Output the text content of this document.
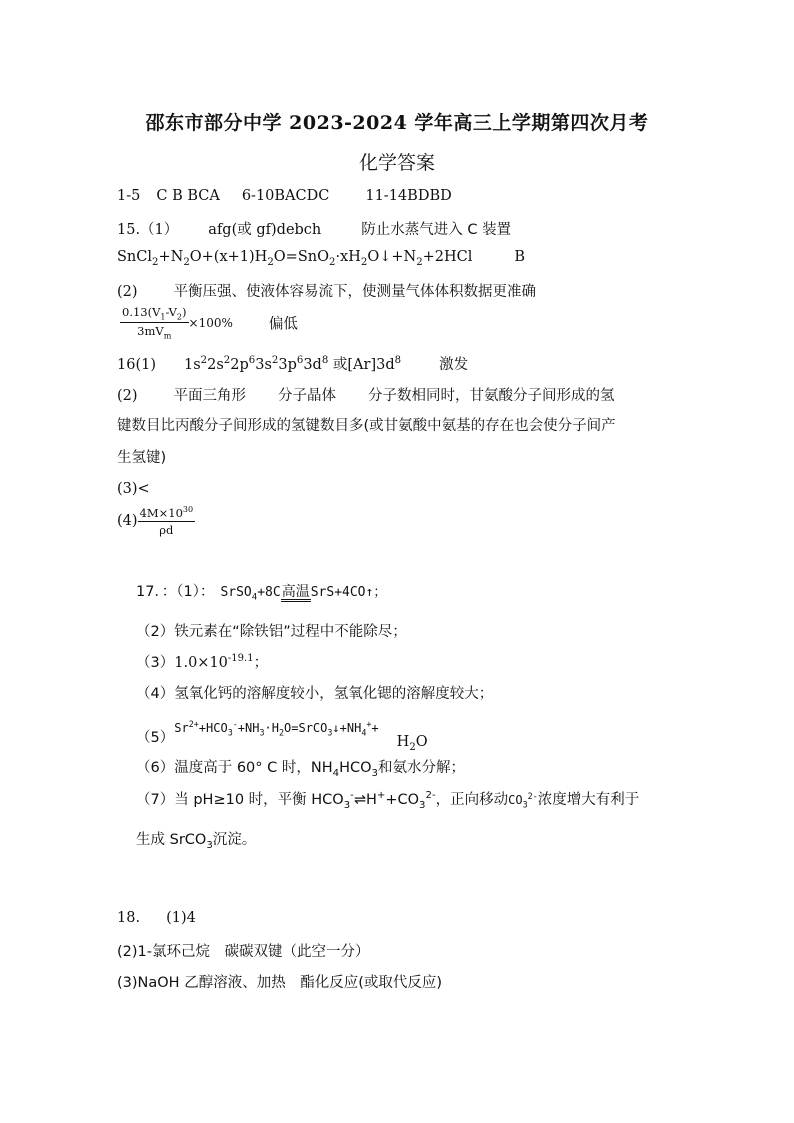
邵东市部分中学 2023-2024 学年高三上学期第四次月考
化学答案
1-5 C B BCA 6-10BACDC 11-14BDBD
15.（1） afg(或 gf)debch	防止水蒸气进入 C 装置
$SnCl_2+N_2O+(x+1)H_2O=SnO_2\cdot xH_2O↓+N_2+2HCl$	B
(2) 平衡压强、使液体容易流下，使测量气体体积数据更准确
$\frac{0.13(V_1-V_2)}{3mV_m} \times 100\%$ 偏低
16(1) $1s^22s^22p^63s^23p^63d^8$ 或$[Ar]3d^8$	激发
(2) 平面三角形 分子晶体 分子数相同时，甘氨酸分子间形成的氢
键数目比丙酸分子间形成的氢键数目多(或甘氨酸中氨基的存在也会使分子间产
生氢键)
(3)<
$(4) \frac{4M\times 10^{30}}{\rho d}$
17．：（1）： SrSO$_4$+8C 高温 SrS+4CO↑；
（2）铁元素在“除铁铝”过程中不能除尽；
$(3)1.0\times 10^{-19.1}$；
（4）氢氧化钙的溶解度较小，氢氧化锶的溶解度较大；
$(5)Sr^{2+}+HCO_3^-+NH_3\cdot H_2O=SrCO_3↓+NH_4^++H_2O$
（6）温度高于 60° C 时，$NH_4HCO_3$和氨水分解；
（7）当 pH≥10 时，平衡 $HCO_3^-\rightleftharpoons H^++CO_3^{2-}$，正向移动$CO_3^{2-}$浓度增大有利于
生成 SrCO$_3$沉淀。
18. (1)4
(2)1-氯环己烷　碳碳双键（此空一分）
(3)NaOH 乙醇溶液、加热　酯化反应(或取代反应)
